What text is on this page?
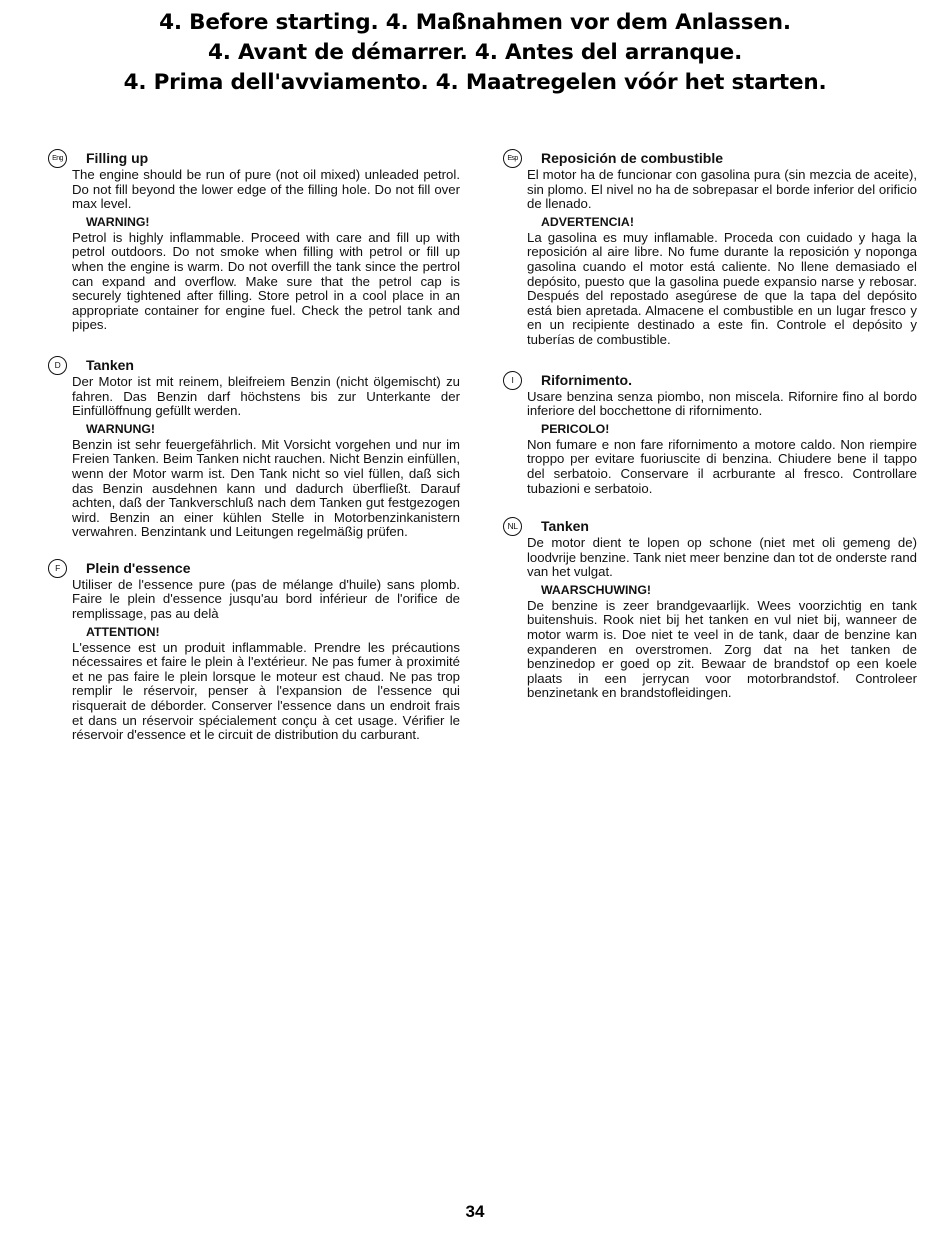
4. Before starting. 4. Maßnahmen vor dem Anlassen.
4. Avant de démarrer. 4. Antes del arranque.
4. Prima dell'avviamento. 4. Maatregelen vóór het starten.
Eng Filling up

The engine should be run of pure (not oil mixed) unleaded petrol. Do not fill beyond the lower edge of the filling hole. Do not fill over max level.

WARNING!

Petrol is highly inflammable. Proceed with care and fill up with petrol outdoors. Do not smoke when filling with petrol or fill up when the engine is warm. Do not overfill the tank since the pertrol can expand and overflow. Make sure that the petrol cap is securely tightened after filling. Store petrol in a cool place in an appropriate container for engine fuel. Check the petrol tank and pipes.

D	Tanken

Der Motor ist mit reinem, bleifreiem Benzin (nicht ölgemischt) zu fahren. Das Benzin darf höchstens bis zur Unterkante der Einfüllöffnung gefüllt werden.

WARNUNG!

Benzin ist sehr feuergefährlich. Mit Vorsicht vorgehen und nur im Freien Tanken. Beim Tanken nicht rauchen. Nicht Benzin einfüllen, wenn der Motor warm ist. Den Tank nicht so viel füllen, daß sich das Benzin ausdehnen kann und dadurch überfließt. Darauf achten, daß der Tankverschluß nach dem Tanken gut festgezogen wird. Benzin an einer kühlen Stelle in Motorbenzinkanistern verwahren. Benzintank und Leitungen regelmäßig prüfen.

F	Plein d'essence

Utiliser de l'essence pure (pas de mélange d'huile) sans plomb. Faire le plein d'essence jusqu'au bord inférieur de l'orifice de remplissage, pas au delà

ATTENTION!

L'essence est un produit inflammable. Prendre les précautions nécessaires et faire le plein à l'extérieur. Ne pas fumer à proximité et ne pas faire le plein lorsque le moteur est chaud. Ne pas trop remplir le réservoir, penser à l'expansion de l'essence qui risquerait de déborder. Conserver l'essence dans un endroit frais et dans un réservoir spécialement conçu à cet usage. Vérifier le réservoir d'essence et le circuit de distribution du carburant.

Esp	Reposición de combustible

El motor ha de funcionar con gasolina pura (sin mezcia de aceite), sin plomo. El nivel no ha de sobrepasar el borde inferior del orificio de llenado.

ADVERTENCIA!

La gasolina es muy inflamable. Proceda con cuidado y haga la reposición al aire libre. No fume durante la reposición y noponga gasolina cuando el motor está caliente. No llene demasiado el depósito, puesto que la gasolina puede expansio narse y rebosar. Después del repostado asegúrese de que la tapa del depósito está bien apretada. Almacene el combustible en un lugar fresco y en un recipiente destinado a este fin. Controle el depósito y tuberías de combustible.

I	Rifornimento.

Usare benzina senza piombo, non miscela. Rifornire fino al bordo inferiore del bocchettone di rifornimento.

PERICOLO!

Non fumare e non fare rifornimento a motore caldo. Non riempire troppo per evitare fuoriuscite di benzina. Chiudere bene il tappo del serbatoio. Conservare il acrburante al fresco. Controllare tubazioni e serbatoio.

NL	Tanken

De motor dient te lopen op schone (niet met oli gemeng de) loodvrije benzine. Tank niet meer benzine dan tot de onderste rand van het vulgat.

WAARSCHUWING!

De benzine is zeer brandgevaarlijk. Wees voorzichtig en tank buitenshuis. Rook niet bij het tanken en vul niet bij, wanneer de motor warm is. Doe niet te veel in de tank, daar de benzine kan expanderen en overstromen. Zorg dat na het tanken de benzinedop er goed op zit. Bewaar de brandstof op een koele plaats in een jerrycan voor motorbrandstof. Controleer benzinetank en brandstofleidingen.

34
